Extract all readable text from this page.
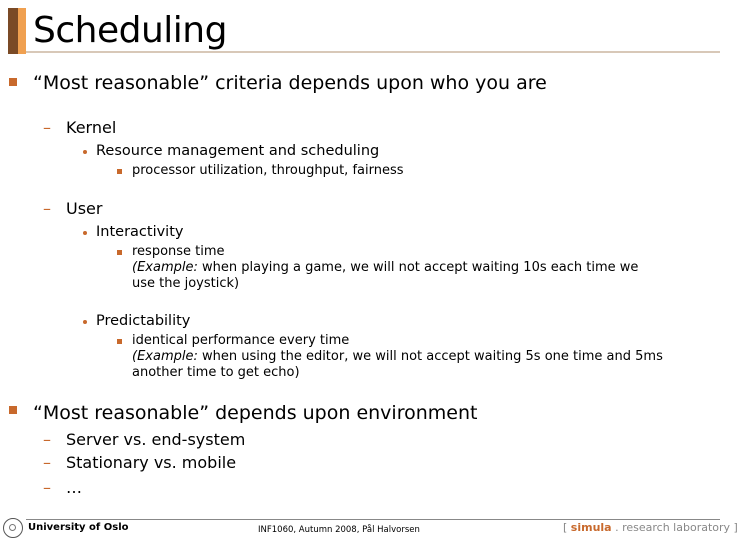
Scheduling
“Most reasonable” criteria depends upon who you are
– Kernel
Resource management and scheduling
processor utilization, throughput, fairness
– User
Interactivity
response time
(Example: when playing a game, we will not accept waiting 10s each time we
use the joystick)
Predictability
identical performance every time
(Example: when using the editor, we will not accept waiting 5s one time and 5ms
another time to get echo)
“Most reasonable” depends upon environment
– Server vs. end-system
– Stationary vs. mobile
– …
University of Oslo	INF1060, Autumn 2008, Pål Halvorsen	[ simula . research laboratory ]
